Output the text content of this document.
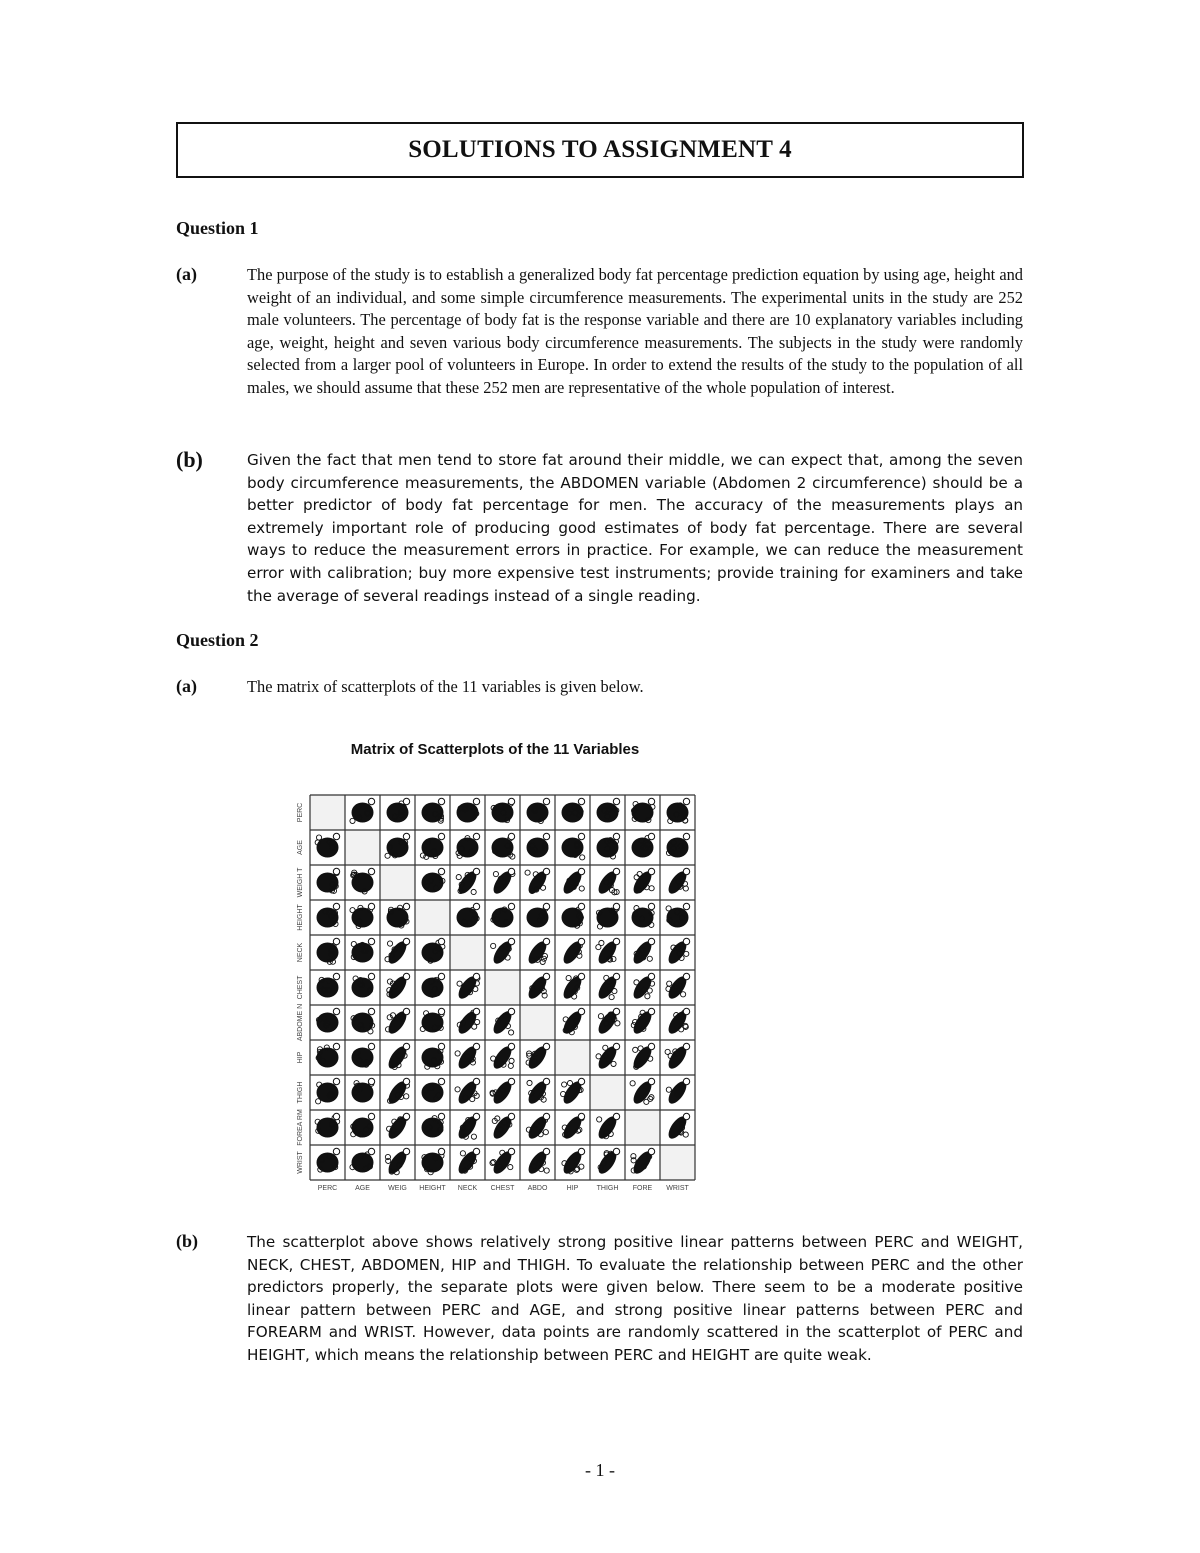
SOLUTIONS TO ASSIGNMENT 4
Question 1
(a)	The purpose of the study is to establish a generalized body fat percentage prediction equation by using age, height and weight of an individual, and some simple circumference measurements. The experimental units in the study are 252 male volunteers. The percentage of body fat is the response variable and there are 10 explanatory variables including age, weight, height and seven various body circumference measurements. The subjects in the study were randomly selected from a larger pool of volunteers in Europe. In order to extend the results of the study to the population of all males, we should assume that these 252 men are representative of the whole population of interest.
(b)	Given the fact that men tend to store fat around their middle, we can expect that, among the seven body circumference measurements, the ABDOMEN variable (Abdomen 2 circumference) should be a better predictor of body fat percentage for men. The accuracy of the measurements plays an extremely important role of producing good estimates of body fat percentage. There are several ways to reduce the measurement errors in practice. For example, we can reduce the measurement error with calibration; buy more expensive test instruments; provide training for examiners and take the average of several readings instead of a single reading.
Question 2
(a)	The matrix of scatterplots of the 11 variables is given below.
Matrix of Scatterplots of the 11 Variables
PERC
AGE
WEIGH T
HEIGHT
NECK
CHEST
ABDOME N
HIP
THIGH
FOREA RM
WRIST
PERC	AGE	WEIG HEIGHT NECK CHEST ABDO	HIP	THIGH FORE WRIST
(b)	The scatterplot above shows relatively strong positive linear patterns between PERC and WEIGHT, NECK, CHEST, ABDOMEN, HIP and THIGH. To evaluate the relationship between PERC and the other predictors properly, the separate plots were given below. There seem to be a moderate positive linear pattern between PERC and AGE, and strong positive linear patterns between PERC and FOREARM and WRIST. However, data points are randomly scattered in the scatterplot of PERC and HEIGHT, which means the relationship between PERC and HEIGHT are quite weak.
- 1 -
